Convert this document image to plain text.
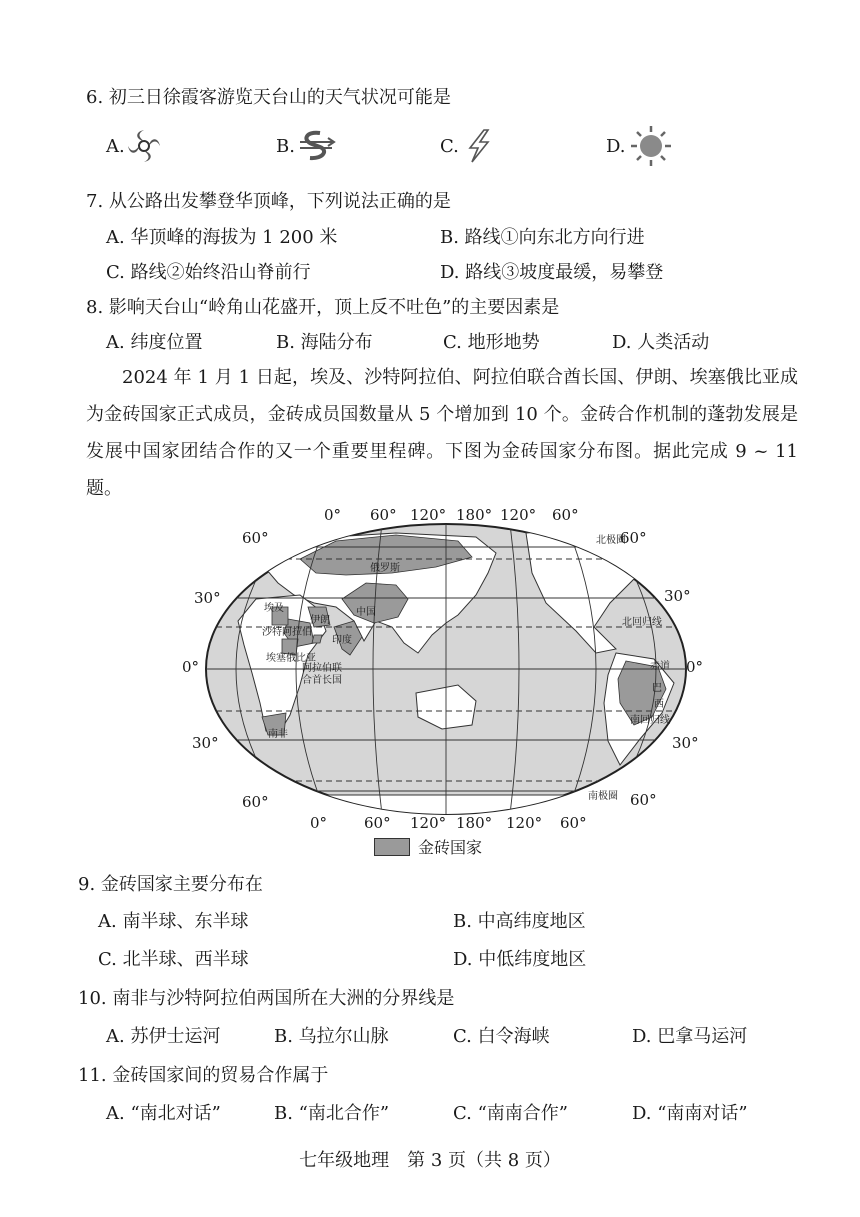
6. 初三日徐霞客游览天台山的天气状况可能是
A.	B.	C.	D.
7. 从公路出发攀登华顶峰，下列说法正确的是
A. 华顶峰的海拔为 1 200 米	B. 路线①向东北方向行进
C. 路线②始终沿山脊前行	D. 路线③坡度最缓，易攀登
8. 影响天台山“岭角山花盛开，顶上反不吐色”的主要因素是
A. 纬度位置	B. 海陆分布	C. 地形地势	D. 人类活动
2024 年 1 月 1 日起，埃及、沙特阿拉伯、阿拉伯联合酋长国、伊朗、埃塞俄比亚成为金砖国家正式成员，金砖成员国数量从 5 个增加到 10 个。金砖合作机制的蓬勃发展是发展中国家团结合作的又一个重要里程碑。下图为金砖国家分布图。据此完成 9 ~ 11 题。
0° 60° 120° 180° 120° 60°
0° 60° 120° 180° 120° 60°
60°
30°
0°
30°
60°
60°
30°
0°
30°
60°
俄罗斯
中国
印度
伊朗
埃及
埃塞俄比亚
沙特阿拉伯
阿拉伯联
合首长国
南非
巴
西
北极圈
北回归线
赤道
南回归线
南极圈
金砖国家
9. 金砖国家主要分布在
A. 南半球、东半球	B. 中高纬度地区
C. 北半球、西半球	D. 中低纬度地区
10. 南非与沙特阿拉伯两国所在大洲的分界线是
A. 苏伊士运河	B. 乌拉尔山脉	C. 白令海峡	D. 巴拿马运河
11. 金砖国家间的贸易合作属于
A. “南北对话”	B. “南北合作”	C. “南南合作”	D. “南南对话”
七年级地理　第 3 页（共 8 页）
